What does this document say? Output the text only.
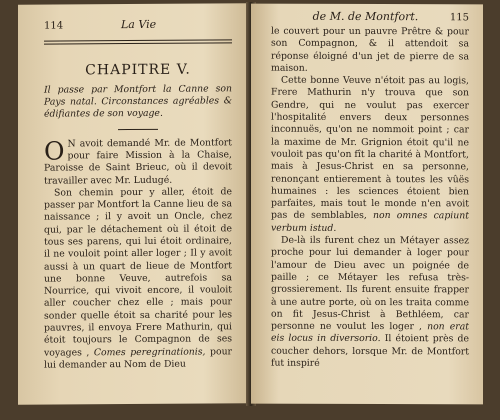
114	La Vie
CHAPITRE V.
Il passe par Montfort la Canne son Pays natal. Circonstances agréables & édifiantes de son voyage.

O N avoit demandé Mr. de Montfort pour faire Mission à la Chaise, Paroisse de Saint Brieuc, où il devoit travailler avec Mr. Ludugé.

Son chemin pour y aller, étoit de passer par Montfort la Canne lieu de sa naissance ; il y avoit un Oncle, chez qui, par le détachement où il étoit de tous ses parens, qui lui étoit ordinaire, il ne vouloit point aller loger ; Il y avoit aussi à un quart de lieue de Montfort une bonne Veuve, autrefois sa Nourrice, qui vivoit encore, il vouloit aller coucher chez elle ; mais pour sonder quelle étoit sa charité pour les pauvres, il envoya Frere Mathurin, qui étoit toujours le Compagnon de ses voyages , Comes peregrinationis, pour lui demander au Nom de Dieu

de M. de Montfort.	115

le couvert pour un pauvre Prêtre & pour son Compagnon, & il attendoit sa réponse éloigné d'un jet de pierre de sa maison.

Cette bonne Veuve n'étoit pas au logis, Frere Mathurin n'y trouva que son Gendre, qui ne voulut pas exercer l'hospitalité envers deux personnes inconnuës, qu'on ne nommoit point ; car la maxime de Mr. Grignion étoit qu'il ne vouloit pas qu'on fît la charité à Montfort, mais à Jesus-Christ en sa personne, renonçant entierement à toutes les vûës humaines : les sciences étoient bien parfaites, mais tout le monde n'en avoit pas de semblables, non omnes capiunt verbum istud.

De-là ils furent chez un Métayer assez proche pour lui demander à loger pour l'amour de Dieu avec un poignée de paille ; ce Métayer les refusa très-grossierement. Ils furent ensuite frapper à une autre porte, où on les traita comme on fit Jesus-Christ à Bethléem, car personne ne voulut les loger , non erat eis locus in diversorio. Il étoient près de coucher dehors, lorsque Mr. de Montfort fut inspiré
